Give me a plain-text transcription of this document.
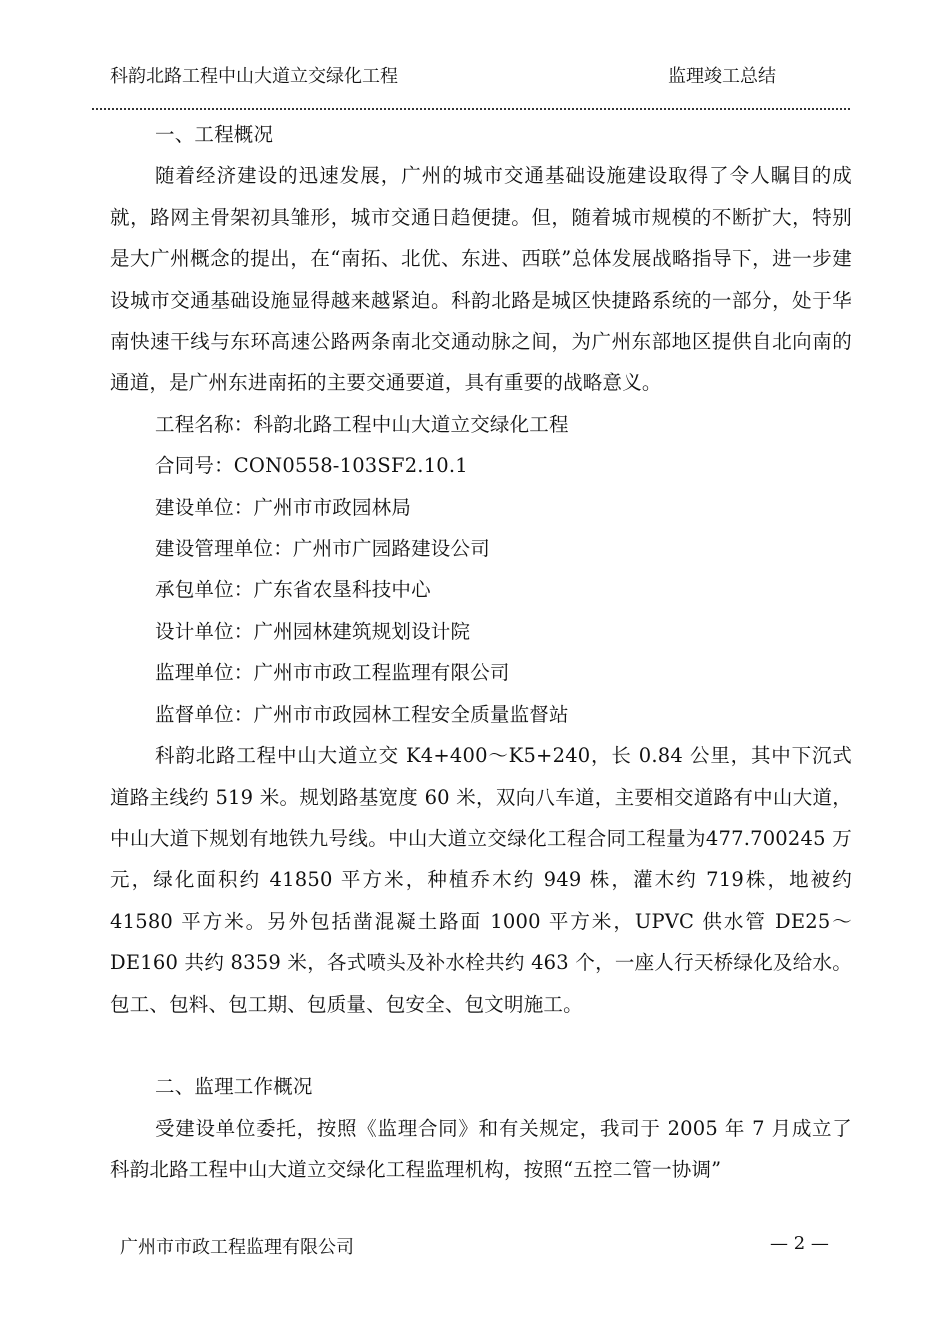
科韵北路工程中山大道立交绿化工程	监理竣工总结

一、工程概况

随着经济建设的迅速发展，广州的城市交通基础设施建设取得了令人瞩目的成就，路网主骨架初具雏形，城市交通日趋便捷。但，随着城市规模的不断扩大，特别是大广州概念的提出，在“南拓、北优、东进、西联”总体发展战略指导下，进一步建设城市交通基础设施显得越来越紧迫。科韵北路是城区快捷路系统的一部分，处于华南快速干线与东环高速公路两条南北交通动脉之间，为广州东部地区提供自北向南的通道，是广州东进南拓的主要交通要道，具有重要的战略意义。

工程名称：科韵北路工程中山大道立交绿化工程

合同号：CON0558-103SF2.10.1

建设单位：广州市市政园林局

建设管理单位：广州市广园路建设公司

承包单位：广东省农垦科技中心

设计单位：广州园林建筑规划设计院

监理单位：广州市市政工程监理有限公司

监督单位：广州市市政园林工程安全质量监督站

科韵北路工程中山大道立交 K4+400～K5+240，长 0.84 公里，其中下沉式道路主线约 519 米。规划路基宽度 60 米，双向八车道，主要相交道路有中山大道，中山大道下规划有地铁九号线。中山大道立交绿化工程合同工程量为477.700245 万元，绿化面积约 41850 平方米，种植乔木约 949 株，灌木约 719株，地被约 41580 平方米。另外包括凿混凝土路面 1000 平方米，UPVC 供水管 DE25～ DE160 共约 8359 米，各式喷头及补水栓共约 463 个，一座人行天桥绿化及给水。包工、包料、包工期、包质量、包安全、包文明施工。

二、监理工作概况

受建设单位委托，按照《监理合同》和有关规定，我司于 2005 年 7 月成立了科韵北路工程中山大道立交绿化工程监理机构，按照“五控二管一协调”

广州市市政工程监理有限公司	— 2 —
